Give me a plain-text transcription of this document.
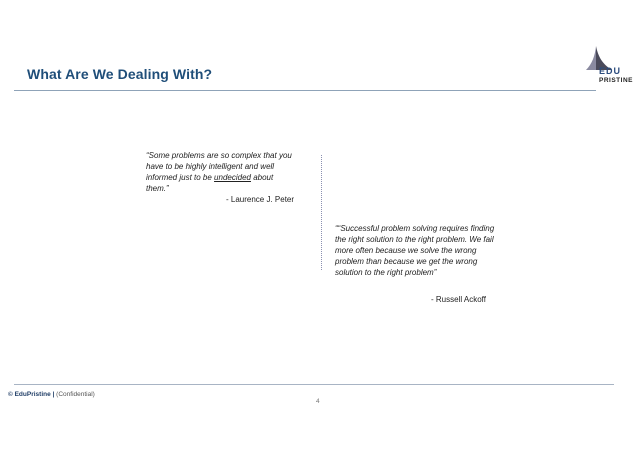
What Are We Dealing With?	EDU
PRISTINE
“Some problems are so complex that you have to be highly intelligent and well informed just to be undecided about them.”
- Laurence J. Peter
““Successful problem solving requires finding the right solution to the right problem. We fail more often because we solve the wrong problem than because we get the wrong solution to the right problem”
- Russell Ackoff
© EduPristine | (Confidential)
4
